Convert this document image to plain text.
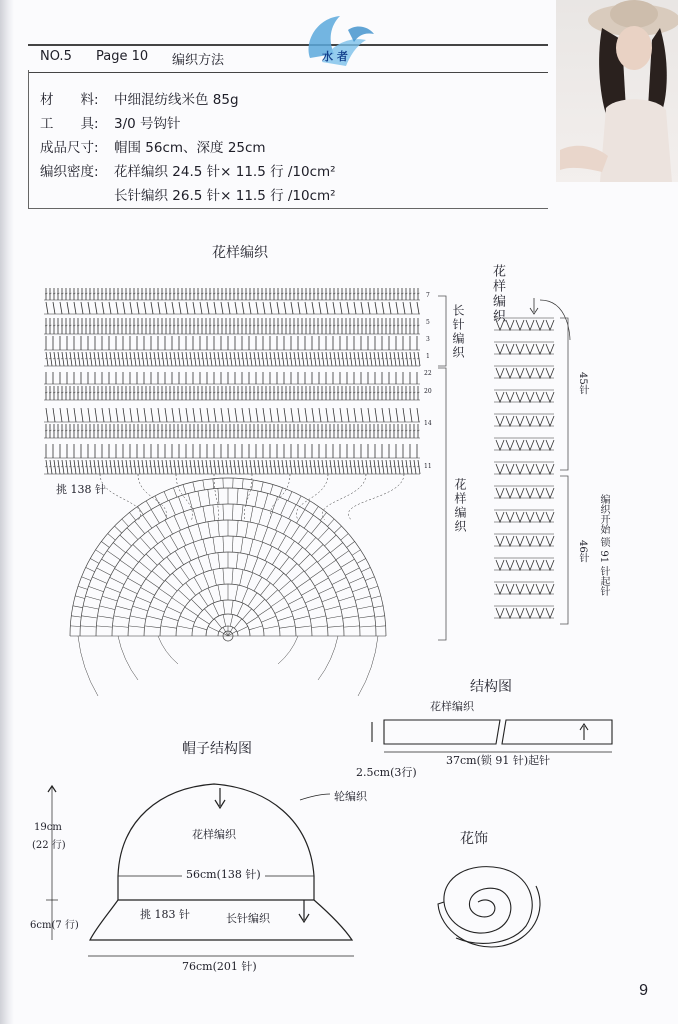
NO.5 Page 10 编织方法	水 者
材　　料: 中细混纺线米色 85g
工　　具: 3/0 号钩针
成品尺寸: 帽围 56cm、深度 25cm
编织密度: 花样编织 24.5 针× 11.5 行 /10cm²
长针编织 26.5 针× 11.5 行 /10cm²
花样编织
挑 138 针
长针编织
花样编织
7
5
3
1
22
20
14
11
花样编织
45针
46针 编织开始 锁 91 针起针
结构图
花样编织
37cm(锁 91 针)起针
2.5cm(3行)
帽子结构图
轮编织
花样编织
56cm(138 针)
挑 183 针	长针编织
76cm(201 针)
19cm
(22 行)
6cm(7 行)
花饰
9
